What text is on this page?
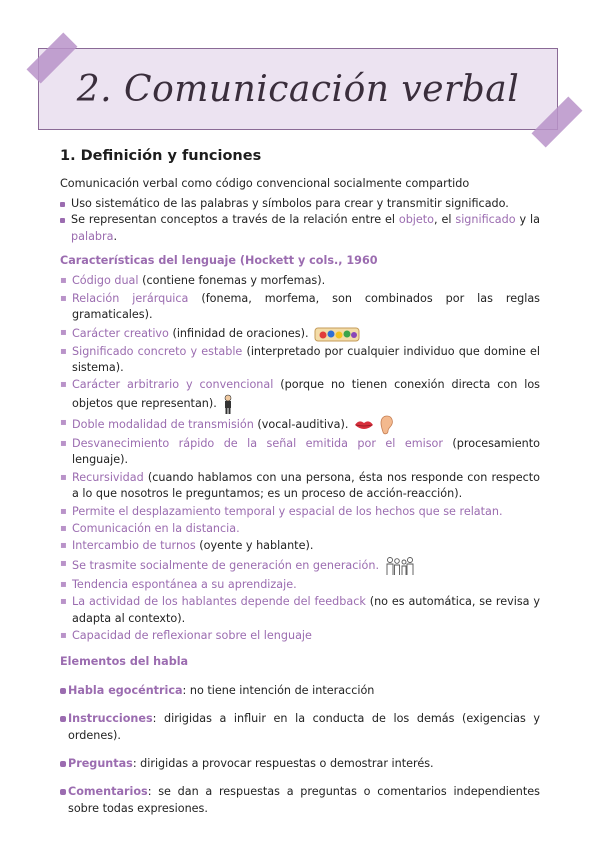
2. Comunicación verbal
1. Definición y funciones

Comunicación verbal como código convencional socialmente compartido

Uso sistemático de las palabras y símbolos para crear y transmitir significado.
Se representan conceptos a través de la relación entre el objeto, el significado y la palabra.
Características del lenguaje (Hockett y cols., 1960
▪ Código dual (contiene fonemas y morfemas).
▪ Relación jerárquica (fonema, morfema, son combinados por las reglas gramaticales).
▪ Carácter creativo (infinidad de oraciones).
▪ Significado concreto y estable (interpretado por cualquier individuo que domine el sistema).
▪ Carácter arbitrario y convencional (porque no tienen conexión directa con los objetos que representan).
▪ Doble modalidad de transmisión (vocal-auditiva).
▪ Desvanecimiento rápido de la señal emitida por el emisor (procesamiento lenguaje).
▪ Recursividad (cuando hablamos con una persona, ésta nos responde con respecto a lo que nosotros le preguntamos; es un proceso de acción-reacción).
▪ Permite el desplazamiento temporal y espacial de los hechos que se relatan.
▪ Comunicación en la distancia.
▪ Intercambio de turnos (oyente y hablante).
▪ Se trasmite socialmente de generación en generación.
▪ Tendencia espontánea a su aprendizaje.
▪ La actividad de los hablantes depende del feedback (no es automática, se revisa y adapta al contexto).
▪ Capacidad de reflexionar sobre el lenguaje
Elementos del habla
Habla egocéntrica: no tiene intención de interacción
Instrucciones: dirigidas a influir en la conducta de los demás (exigencias y ordenes).
Preguntas: dirigidas a provocar respuestas o demostrar interés.
Comentarios: se dan a respuestas a preguntas o comentarios independientes sobre todas expresiones.
